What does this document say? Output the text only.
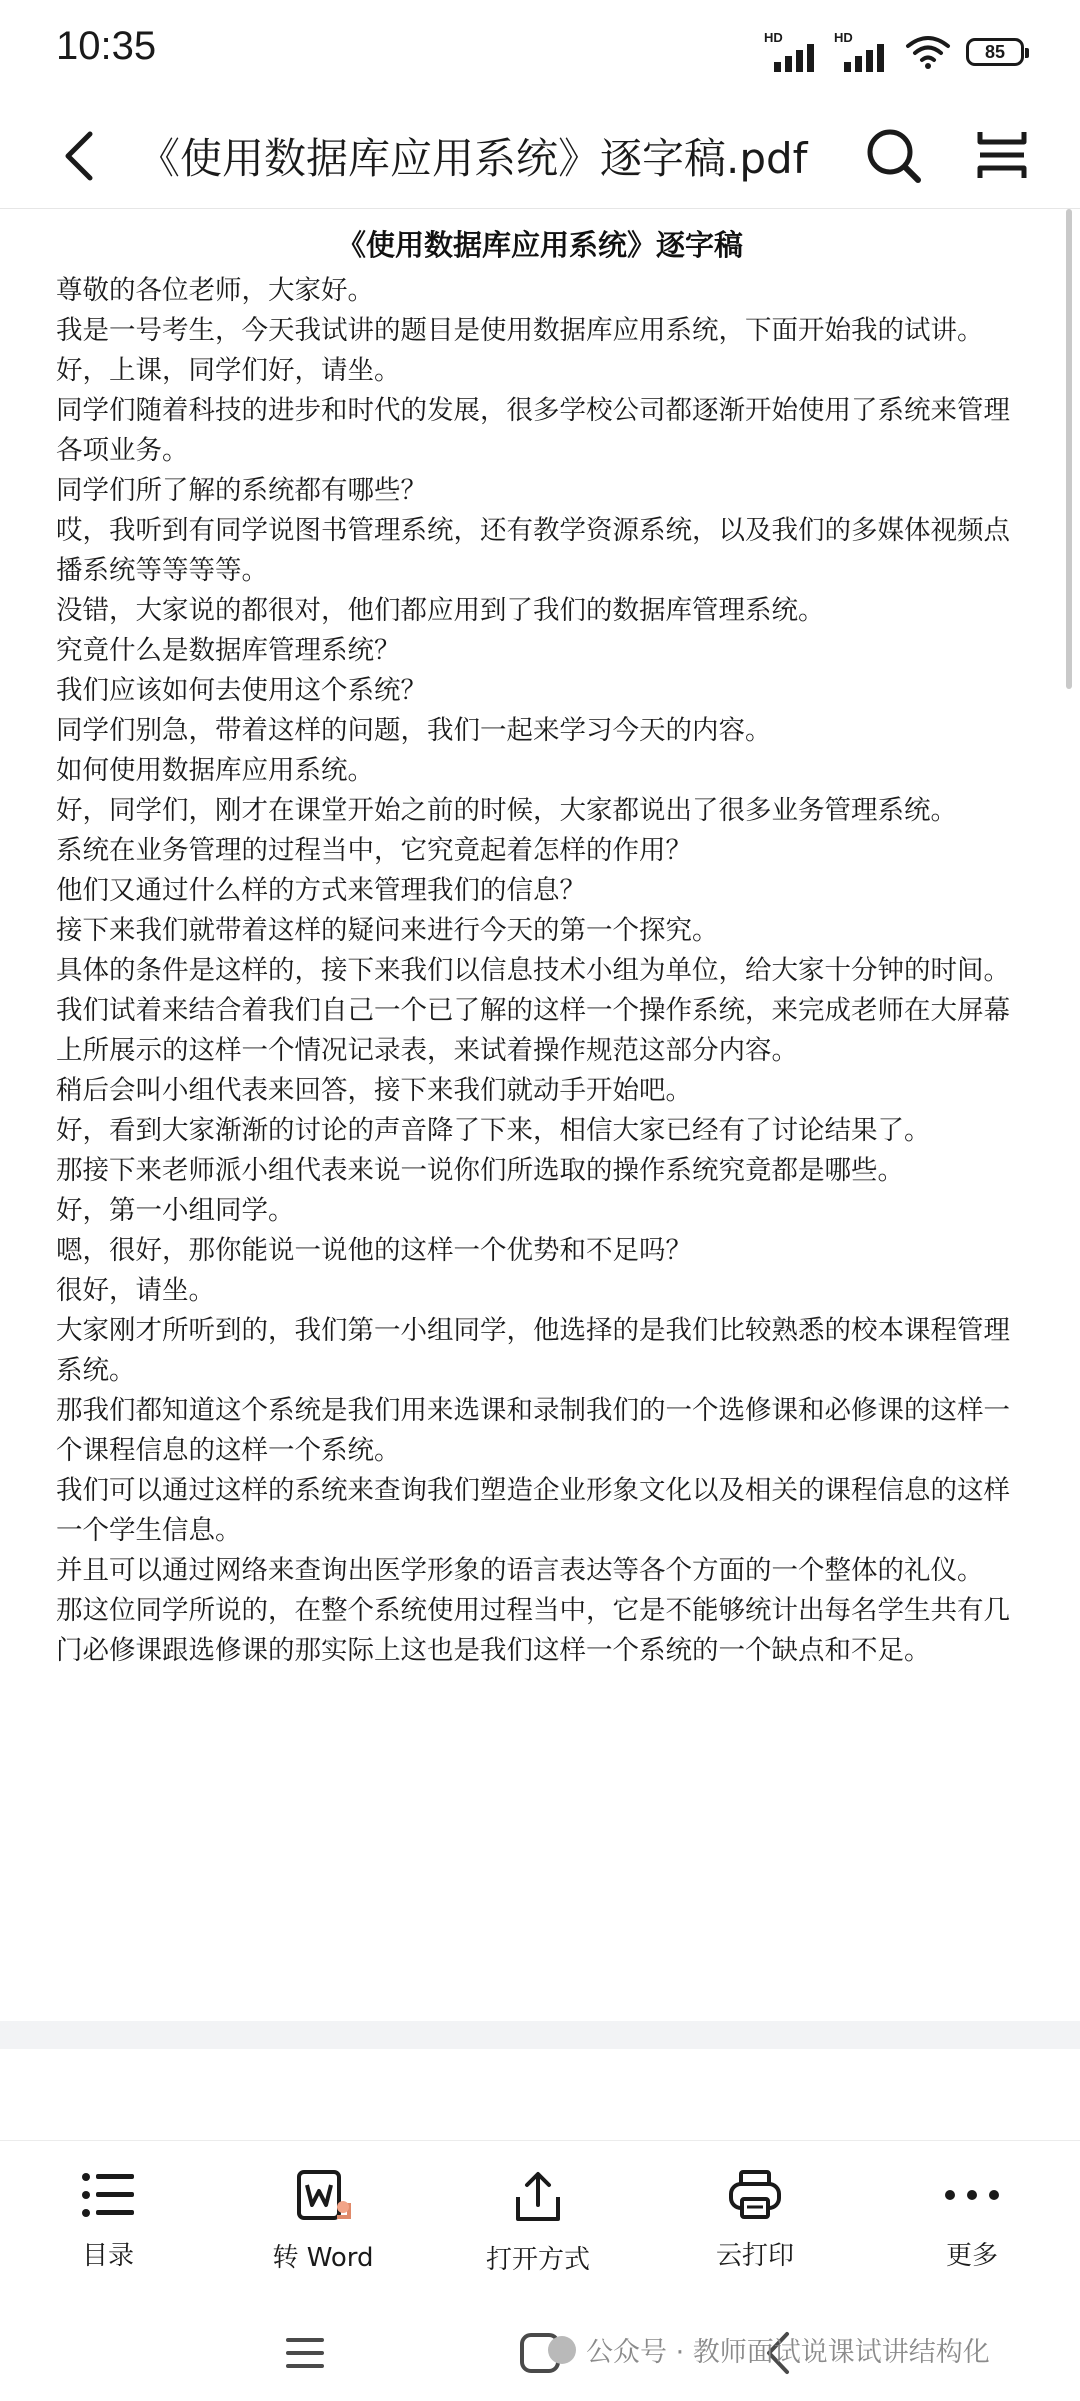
10:35	HD	HD
85
《使用数据库应用系统》逐字稿.pdf
《使用数据库应用系统》逐字稿

尊敬的各位老师，大家好。

我是一号考生，今天我试讲的题目是使用数据库应用系统，下面开始我的试讲。

好，上课，同学们好，请坐。

同学们随着科技的进步和时代的发展，很多学校公司都逐渐开始使用了系统来管理各项业务。

同学们所了解的系统都有哪些？

哎，我听到有同学说图书管理系统，还有教学资源系统，以及我们的多媒体视频点播系统等等等等。

没错，大家说的都很对，他们都应用到了我们的数据库管理系统。

究竟什么是数据库管理系统？

我们应该如何去使用这个系统？

同学们别急，带着这样的问题，我们一起来学习今天的内容。

如何使用数据库应用系统。

好，同学们，刚才在课堂开始之前的时候，大家都说出了很多业务管理系统。

系统在业务管理的过程当中，它究竟起着怎样的作用？

他们又通过什么样的方式来管理我们的信息？

接下来我们就带着这样的疑问来进行今天的第一个探究。

具体的条件是这样的，接下来我们以信息技术小组为单位，给大家十分钟的时间。

我们试着来结合着我们自己一个已了解的这样一个操作系统，来完成老师在大屏幕上所展示的这样一个情况记录表，来试着操作规范这部分内容。

稍后会叫小组代表来回答，接下来我们就动手开始吧。

好，看到大家渐渐的讨论的声音降了下来，相信大家已经有了讨论结果了。

那接下来老师派小组代表来说一说你们所选取的操作系统究竟都是哪些。

好，第一小组同学。

嗯，很好，那你能说一说他的这样一个优势和不足吗？

很好，请坐。

大家刚才所听到的，我们第一小组同学，他选择的是我们比较熟悉的校本课程管理系统。

那我们都知道这个系统是我们用来选课和录制我们的一个选修课和必修课的这样一个课程信息的这样一个系统。

我们可以通过这样的系统来查询我们塑造企业形象文化以及相关的课程信息的这样一个学生信息。

并且可以通过网络来查询出医学形象的语言表达等各个方面的一个整体的礼仪。

那这位同学所说的，在整个系统使用过程当中，它是不能够统计出每名学生共有几门必修课跟选修课的那实际上这也是我们这样一个系统的一个缺点和不足。

目录	转 Word	打开方式	云打印	更多
公众号 · 教师面试说课试讲结构化
